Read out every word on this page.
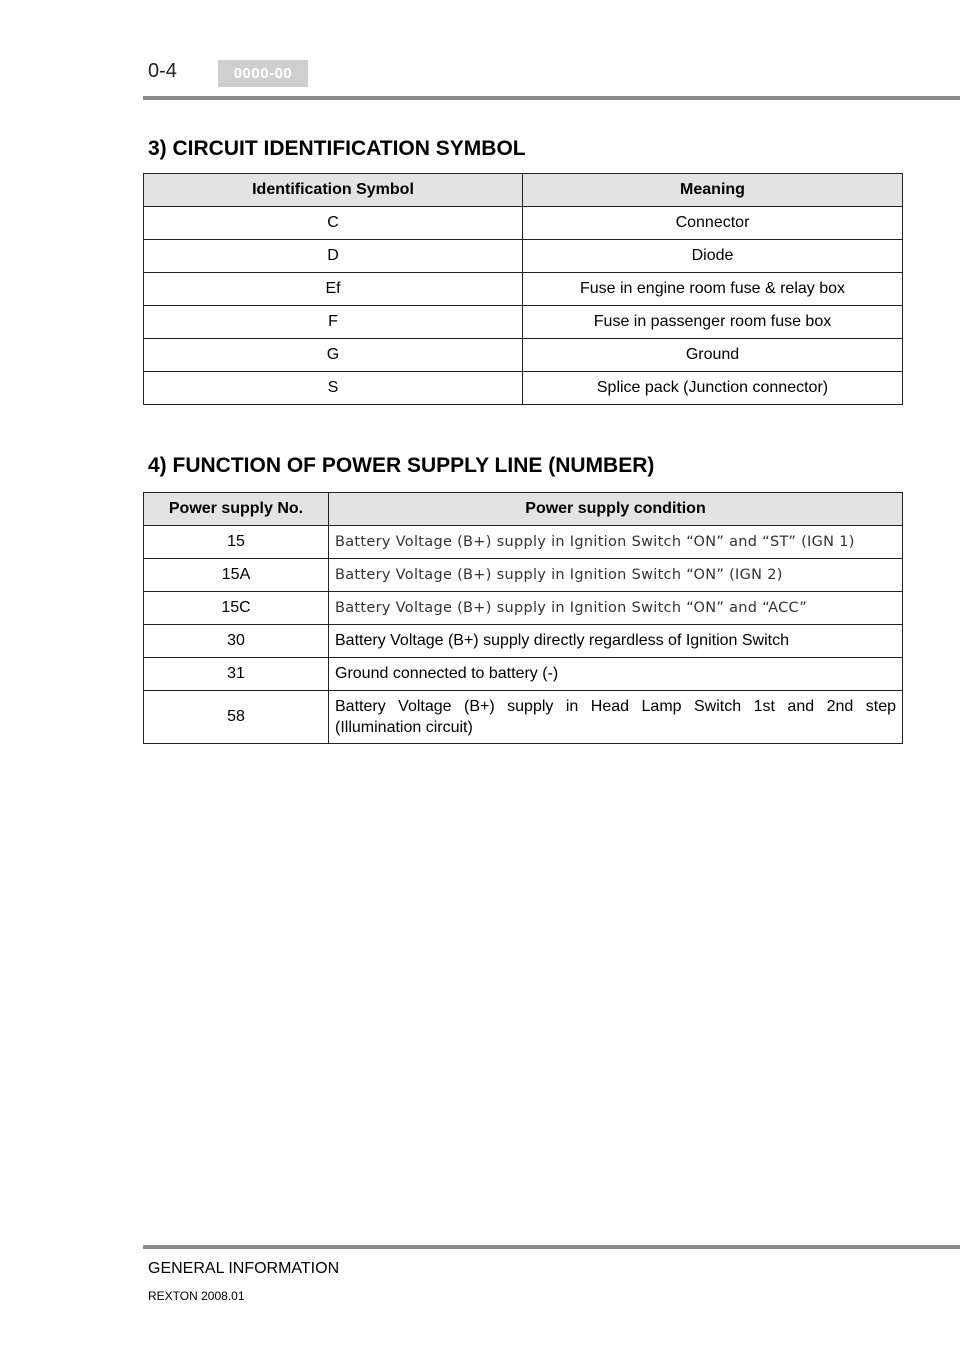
0-4	0000-00
3) CIRCUIT IDENTIFICATION SYMBOL
Identification Symbol	Meaning
C	Connector
D	Diode
Ef	Fuse in engine room fuse & relay box
F	Fuse in passenger room fuse box
G	Ground
S	Splice pack (Junction connector)
4) FUNCTION OF POWER SUPPLY LINE (NUMBER)
Power supply No.	Power supply condition
15	Battery Voltage (B+) supply in Ignition Switch “ON” and “ST” (IGN 1)
15A	Battery Voltage (B+) supply in Ignition Switch “ON” (IGN 2)
15C	Battery Voltage (B+) supply in Ignition Switch “ON” and “ACC”
30	Battery Voltage (B+) supply directly regardless of Ignition Switch
31	Ground connected to battery (-)
58	Battery Voltage (B+) supply in Head Lamp Switch 1st and 2nd step (Illumination circuit)
GENERAL INFORMATION
REXTON 2008.01
